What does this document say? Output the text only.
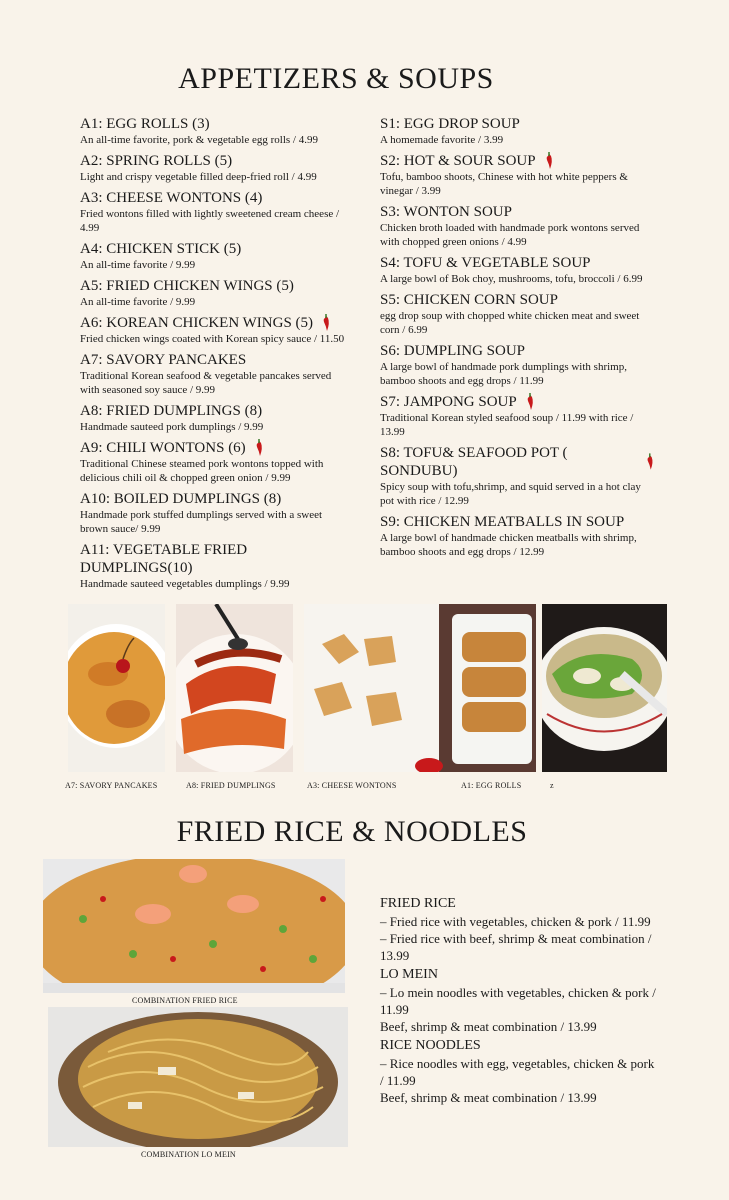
APPETIZERS & SOUPS
A1: EGG ROLLS (3)
An all-time favorite, pork & vegetable egg rolls / 4.99
A2: SPRING ROLLS (5)
Light and crispy vegetable filled deep-fried roll / 4.99
A3: CHEESE WONTONS (4)
Fried wontons filled with lightly sweetened cream cheese / 4.99
A4: CHICKEN STICK (5)
An all-time favorite / 9.99
A5: FRIED CHICKEN WINGS (5)
An all-time favorite / 9.99
A6: KOREAN CHICKEN WINGS (5)
Fried chicken wings coated with Korean spicy sauce / 11.50
A7: SAVORY PANCAKES
Traditional Korean seafood & vegetable pancakes served with seasoned soy sauce / 9.99
A8: FRIED DUMPLINGS (8)
Handmade sauteed pork dumplings / 9.99
A9: CHILI WONTONS (6)
Traditional Chinese steamed pork wontons topped with delicious chili oil & chopped green onion / 9.99
A10: BOILED DUMPLINGS (8)
Handmade pork stuffed dumplings served with a sweet brown sauce/ 9.99
A11: VEGETABLE FRIED DUMPLINGS(10)
Handmade sauteed vegetables dumplings / 9.99
S1: EGG DROP SOUP
A homemade favorite / 3.99
S2: HOT & SOUR SOUP
Tofu, bamboo shoots, Chinese with hot white peppers & vinegar / 3.99
S3: WONTON SOUP
Chicken broth loaded with handmade pork wontons served with chopped green onions / 4.99
S4: TOFU & VEGETABLE SOUP
A large bowl of Bok choy, mushrooms, tofu, broccoli / 6.99
S5: CHICKEN CORN SOUP
egg drop soup with chopped white chicken meat and sweet corn / 6.99
S6: DUMPLING SOUP
A large bowl of handmade pork dumplings with shrimp, bamboo shoots and egg drops / 11.99
S7: JAMPONG SOUP
Traditional Korean styled seafood soup / 11.99 with rice / 13.99
S8: TOFU& SEAFOOD POT ( SONDUBU)
Spicy soup with tofu,shrimp, and squid served in a hot clay pot with rice / 12.99
S9: CHICKEN MEATBALLS IN SOUP
A large bowl of handmade chicken meatballs with shrimp, bamboo shoots and egg drops / 12.99
A7: SAVORY PANCAKES	A8: FRIED DUMPLINGS	A3: CHEESE WONTONS	A1: EGG ROLLS	z
FRIED RICE & NOODLES
COMBINATION FRIED RICE
COMBINATION LO MEIN
FRIED RICE
– Fried rice with vegetables, chicken & pork / 11.99
– Fried rice with beef, shrimp & meat combination / 13.99
LO MEIN
– Lo mein noodles with vegetables, chicken & pork / 11.99
Beef, shrimp & meat combination / 13.99
RICE NOODLES
– Rice noodles with egg, vegetables, chicken & pork / 11.99
Beef, shrimp & meat combination / 13.99
